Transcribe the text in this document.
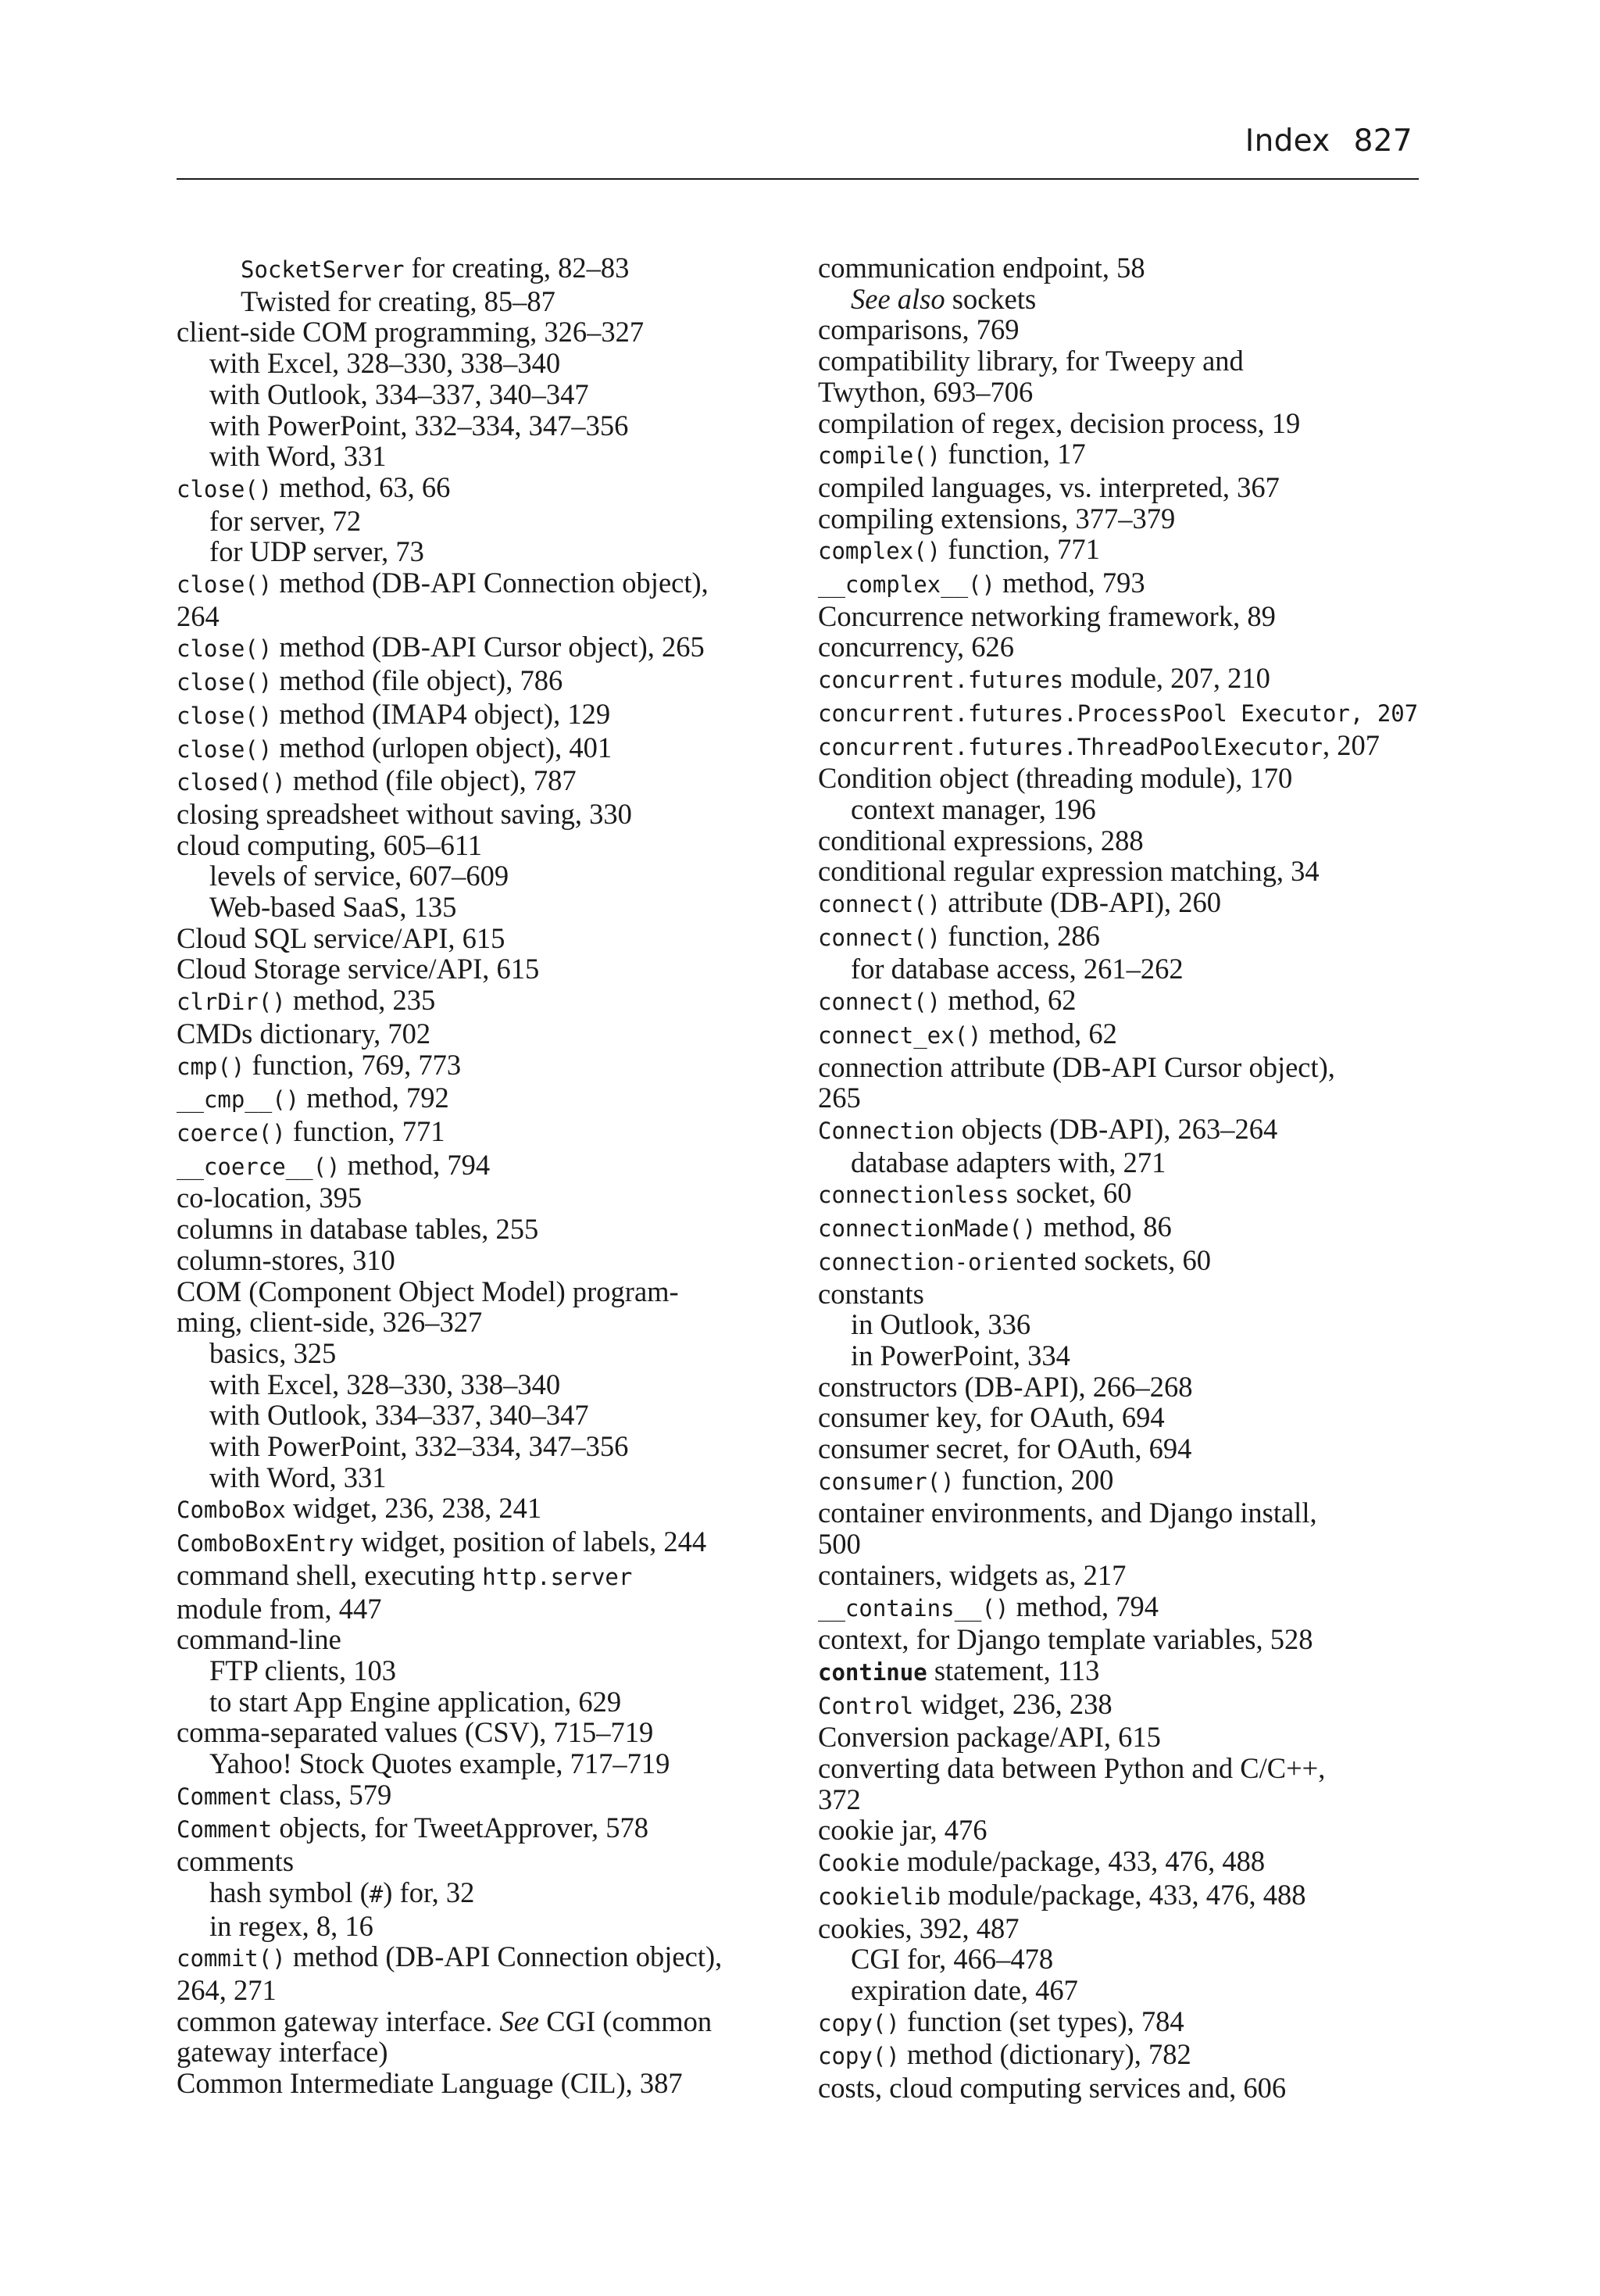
Index 827
SocketServer for creating, 82–83
Twisted for creating, 85–87
client-side COM programming, 326–327
with Excel, 328–330, 338–340
with Outlook, 334–337, 340–347
with PowerPoint, 332–334, 347–356
with Word, 331
close() method, 63, 66
for server, 72
for UDP server, 73
close() method (DB-API Connection object),
264
close() method (DB-API Cursor object), 265
close() method (file object), 786
close() method (IMAP4 object), 129
close() method (urlopen object), 401
closed() method (file object), 787
closing spreadsheet without saving, 330
cloud computing, 605–611
levels of service, 607–609
Web-based SaaS, 135
Cloud SQL service/API, 615
Cloud Storage service/API, 615
clrDir() method, 235
CMDs dictionary, 702
cmp() function, 769, 773
__cmp__() method, 792
coerce() function, 771
__coerce__() method, 794
co-location, 395
columns in database tables, 255
column-stores, 310
COM (Component Object Model) program-
ming, client-side, 326–327
basics, 325
with Excel, 328–330, 338–340
with Outlook, 334–337, 340–347
with PowerPoint, 332–334, 347–356
with Word, 331
ComboBox widget, 236, 238, 241
ComboBoxEntry widget, position of labels, 244
command shell, executing http.server
module from, 447
command-line
FTP clients, 103
to start App Engine application, 629
comma-separated values (CSV), 715–719
Yahoo! Stock Quotes example, 717–719
Comment class, 579
Comment objects, for TweetApprover, 578
comments
hash symbol (#) for, 32
in regex, 8, 16
commit() method (DB-API Connection object),
264, 271
common gateway interface. See CGI (common
gateway interface)
Common Intermediate Language (CIL), 387
communication endpoint, 58
See also sockets
comparisons, 769
compatibility library, for Tweepy and
Twython, 693–706
compilation of regex, decision process, 19
compile() function, 17
compiled languages, vs. interpreted, 367
compiling extensions, 377–379
complex() function, 771
__complex__() method, 793
Concurrence networking framework, 89
concurrency, 626
concurrent.futures module, 207, 210
concurrent.futures.ProcessPool Executor, 207
concurrent.futures.ThreadPoolExecutor, 207
Condition object (threading module), 170
context manager, 196
conditional expressions, 288
conditional regular expression matching, 34
connect() attribute (DB-API), 260
connect() function, 286
for database access, 261–262
connect() method, 62
connect_ex() method, 62
connection attribute (DB-API Cursor object),
265
Connection objects (DB-API), 263–264
database adapters with, 271
connectionless socket, 60
connectionMade() method, 86
connection-oriented sockets, 60
constants
in Outlook, 336
in PowerPoint, 334
constructors (DB-API), 266–268
consumer key, for OAuth, 694
consumer secret, for OAuth, 694
consumer() function, 200
container environments, and Django install,
500
containers, widgets as, 217
__contains__() method, 794
context, for Django template variables, 528
continue statement, 113
Control widget, 236, 238
Conversion package/API, 615
converting data between Python and C/C++,
372
cookie jar, 476
Cookie module/package, 433, 476, 488
cookielib module/package, 433, 476, 488
cookies, 392, 487
CGI for, 466–478
expiration date, 467
copy() function (set types), 784
copy() method (dictionary), 782
costs, cloud computing services and, 606
